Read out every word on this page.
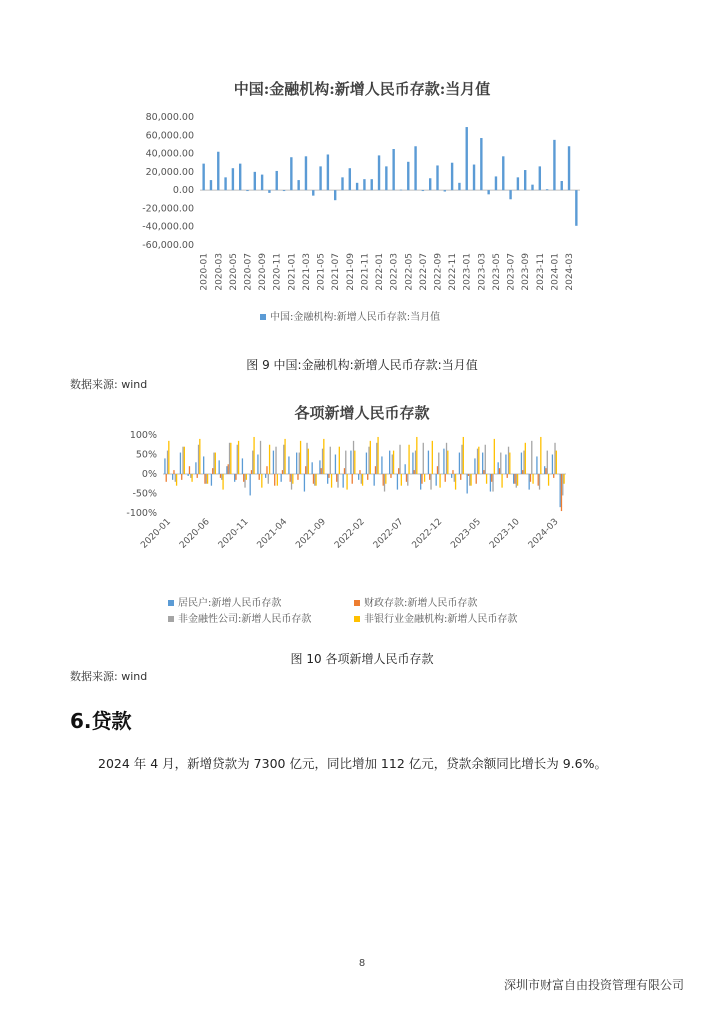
中国:金融机构:新增人民币存款:当月值
80,000.00
60,000.00
40,000.00
20,000.00
0.00
-20,000.00
-40,000.00
-60,000.00
2020-01 2020-03 2020-05 2020-07 2020-09 2020-11 2021-01 2021-03 2021-05 2021-07 2021-09 2021-11 2022-01 2022-03 2022-05 2022-07 2022-09 2022-11 2023-01 2023-03 2023-05 2023-07 2023-09 2023-11 2024-01 2024-03
中国:金融机构:新增人民币存款:当月值
图 9 中国:金融机构:新增人民币存款:当月值
数据来源: wind
各项新增人民币存款
100%
50%
0%
-50%
-100%
2020-01 2020-06 2020-11 2021-04 2021-09 2022-02 2022-07 2022-12 2023-05 2023-10 2024-03
居民户:新增人民币存款	财政存款:新增人民币存款
非金融性公司:新增人民币存款	非银行业金融机构:新增人民币存款
图 10 各项新增人民币存款
数据来源: wind
6.贷款
2024 年 4 月，新增贷款为 7300 亿元，同比增加 112 亿元，贷款余额同比增长为 9.6%。
8
深圳市财富自由投资管理有限公司
